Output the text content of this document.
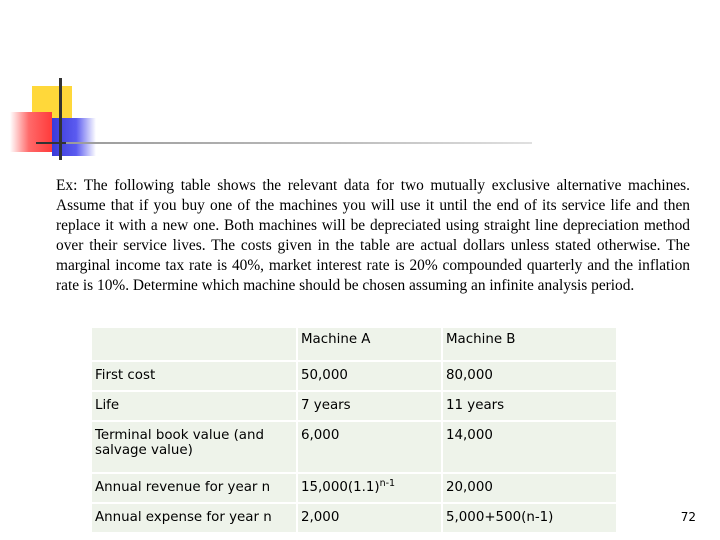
Ex: The following table shows the relevant data for two mutually exclusive alternative machines. Assume that if you buy one of the machines you will use it until the end of its service life and then replace it with a new one. Both machines will be depreciated using straight line depreciation method over their service lives. The costs given in the table are actual dollars unless stated otherwise. The marginal income tax rate is 40%, market interest rate is 20% compounded quarterly and the inflation rate is 10%. Determine which machine should be chosen assuming an infinite analysis period.
	Machine A	Machine B
First cost	50,000	80,000
Life	7 years	11 years
Terminal book value (and salvage value)	6,000	14,000
Annual revenue for year n	$15,000(1.1)^{n-1}$	20,000
Annual expense for year n	2,000	5,000+500(n-1)	72
